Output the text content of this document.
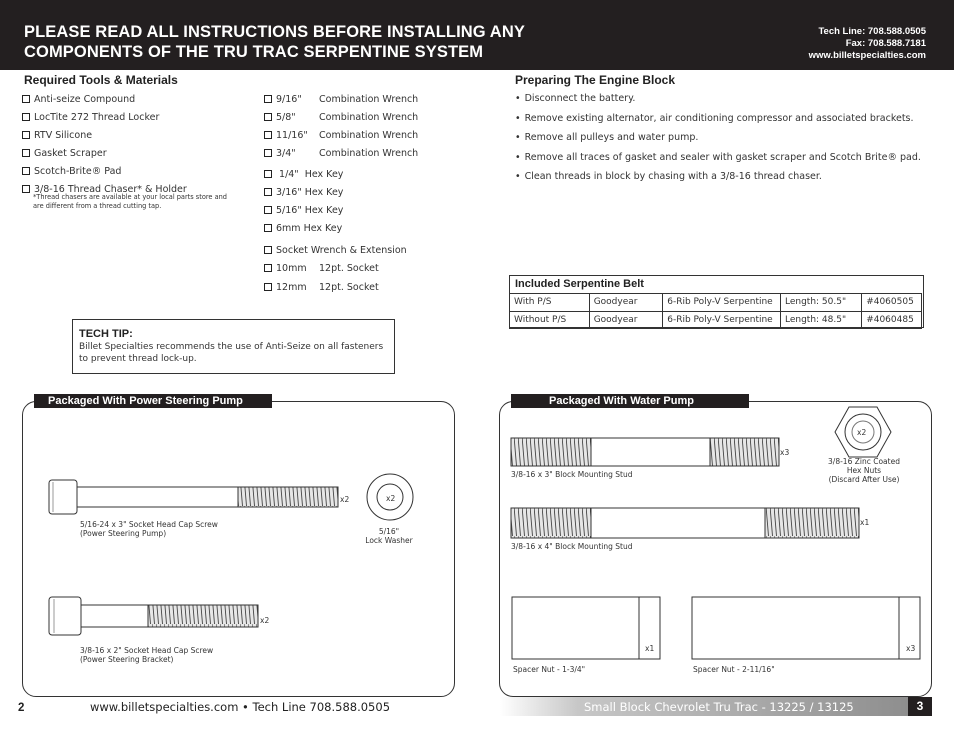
PLEASE READ ALL INSTRUCTIONS BEFORE INSTALLING ANY
COMPONENTS OF THE TRU TRAC SERPENTINE SYSTEM
Tech Line: 708.588.0505
Fax: 708.588.7181
www.billetspecialties.com
Required Tools & Materials
Anti-seize Compound
LocTite 272 Thread Locker
RTV Silicone
Gasket Scraper
Scotch-Brite® Pad
3/8-16 Thread Chaser* & Holder
*Thread chasers are available at your local parts store and are different from a thread cutting tap.
9/16" Combination Wrench
5/8" Combination Wrench
11/16" Combination Wrench
3/4" Combination Wrench
1/4"  Hex Key
3/16" Hex Key
5/16" Hex Key
6mm Hex Key
Socket Wrench & Extension
10mm 12pt. Socket
12mm 12pt. Socket
Preparing The Engine Block
• Disconnect the battery.
• Remove existing alternator, air conditioning compressor and associated brackets.
• Remove all pulleys and water pump.
• Remove all traces of gasket and sealer with gasket scraper and Scotch Brite® pad.
• Clean threads in block by chasing with a 3/8-16 thread chaser.
Included Serpentine Belt
With P/S	Goodyear	6-Rib Poly-V Serpentine	Length: 50.5"	#4060505
Without P/S	Goodyear	6-Rib Poly-V Serpentine	Length: 48.5"	#4060485
TECH TIP:
Billet Specialties recommends the use of Anti-Seize on all fasteners to prevent thread lock-up.
Packaged With Power Steering Pump
x2
5/16-24 x 3" Socket Head Cap Screw
(Power Steering Pump)
x2
5/16"
Lock Washer
x2
3/8-16 x 2" Socket Head Cap Screw
(Power Steering Bracket)
Packaged With Water Pump
x3
3/8-16 x 3" Block Mounting Stud
x2
3/8-16 Zinc Coated
Hex Nuts
(Discard After Use)
x1
3/8-16 x 4" Block Mounting Stud
x1
Spacer Nut - 1-3/4"
x3
Spacer Nut - 2-11/16"
2	www.billetspecialties.com • Tech Line 708.588.0505	Small Block Chevrolet Tru Trac - 13225 / 13125	3
